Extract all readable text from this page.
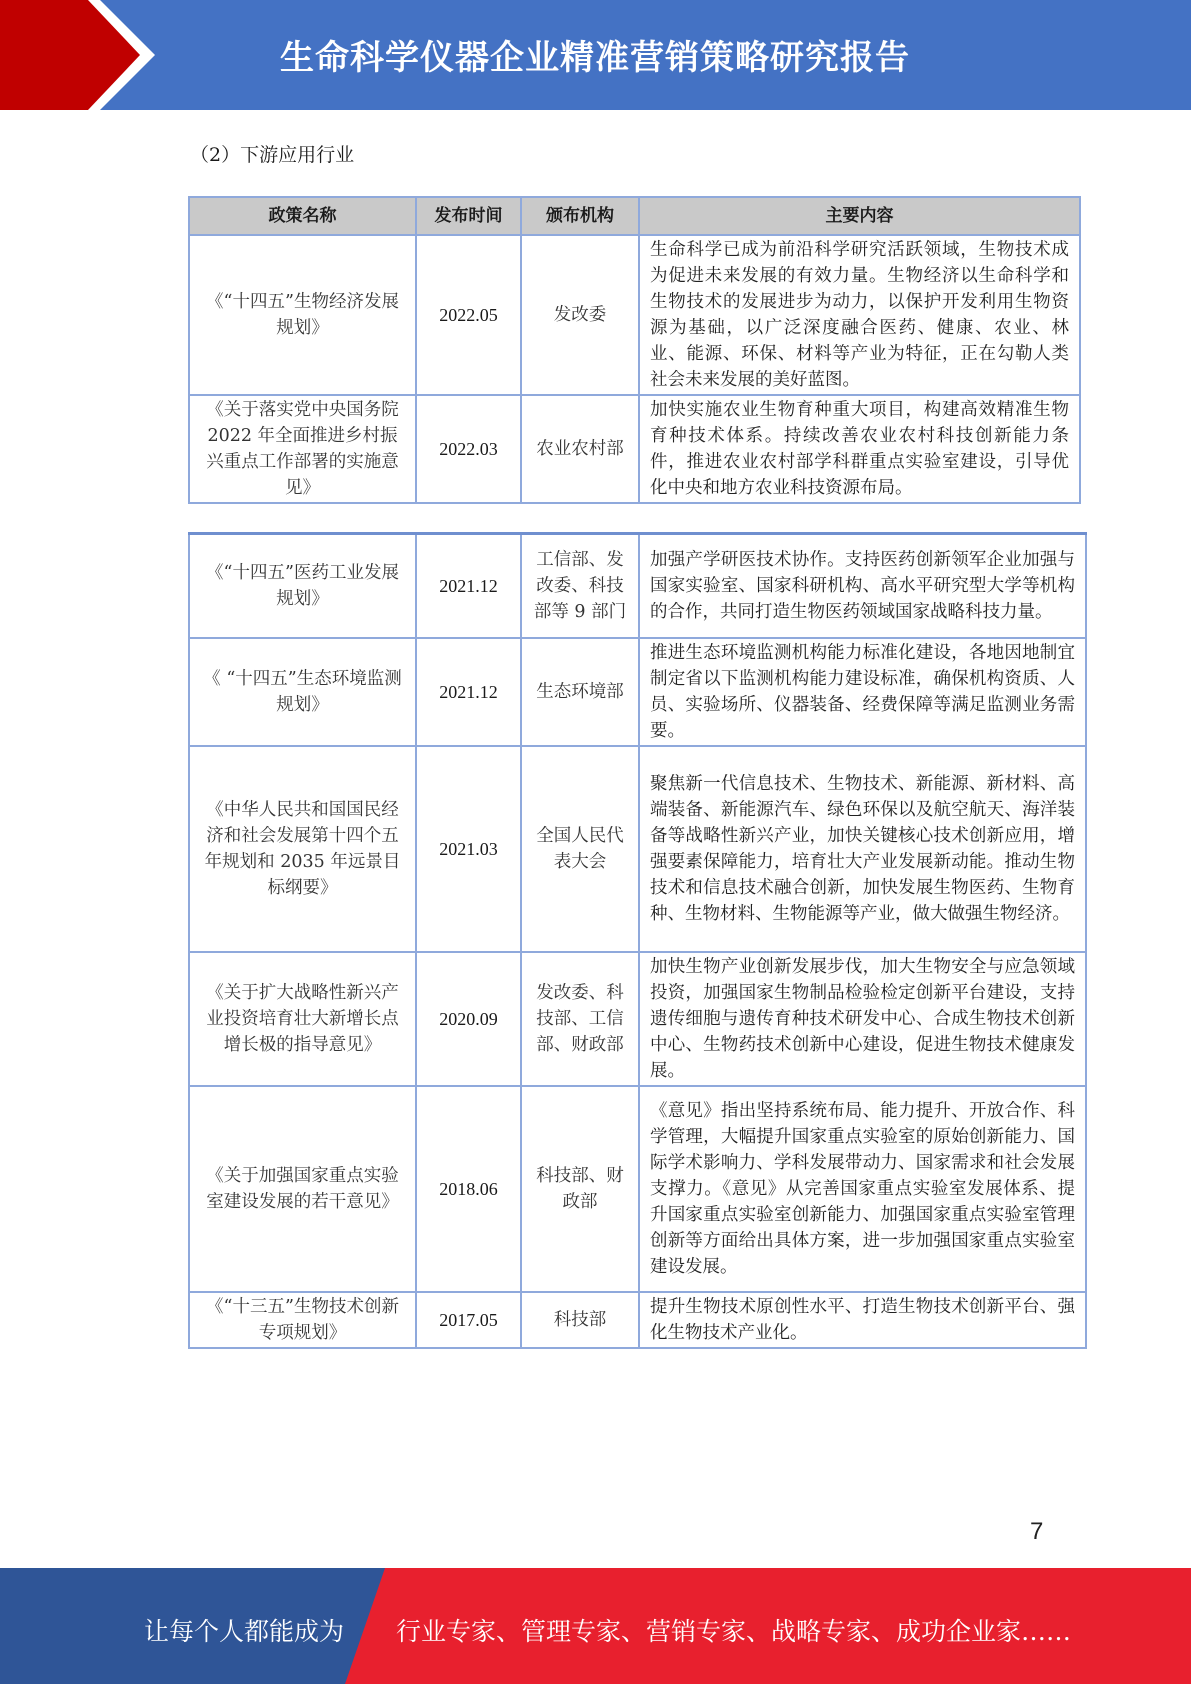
生命科学仪器企业精准营销策略研究报告
（2）下游应用行业
政策名称	发布时间	颁布机构	主要内容
《“十四五”生物经济发展规划》	2022.05	发改委	生命科学已成为前沿科学研究活跃领域，生物技术成为促进未来发展的有效力量。生物经济以生命科学和生物技术的发展进步为动力，以保护开发利用生物资源为基础，以广泛深度融合医药、健康、农业、林业、能源、环保、材料等产业为特征，正在勾勒人类社会未来发展的美好蓝图。
《关于落实党中央国务院 2022 年全面推进乡村振兴重点工作部署的实施意见》	2022.03	农业农村部	加快实施农业生物育种重大项目，构建高效精准生物育种技术体系。持续改善农业农村科技创新能力条件，推进农业农村部学科群重点实验室建设，引导优化中央和地方农业科技资源布局。
《“十四五”医药工业发展规划》	2021.12	工信部、发改委、科技部等 9 部门	加强产学研医技术协作。支持医药创新领军企业加强与国家实验室、国家科研机构、高水平研究型大学等机构的合作，共同打造生物医药领域国家战略科技力量。
《 “十四五”生态环境监测规划》	2021.12	生态环境部	推进生态环境监测机构能力标准化建设，各地因地制宜制定省以下监测机构能力建设标准，确保机构资质、人员、实验场所、仪器装备、经费保障等满足监测业务需要。
《中华人民共和国国民经济和社会发展第十四个五年规划和 2035 年远景目标纲要》	2021.03	全国人民代表大会	聚焦新一代信息技术、生物技术、新能源、新材料、高端装备、新能源汽车、绿色环保以及航空航天、海洋装备等战略性新兴产业，加快关键核心技术创新应用，增强要素保障能力，培育壮大产业发展新动能。推动生物技术和信息技术融合创新，加快发展生物医药、生物育种、生物材料、生物能源等产业，做大做强生物经济。
《关于扩大战略性新兴产业投资培育壮大新增长点增长极的指导意见》	2020.09	发改委、科技部、工信部、财政部	加快生物产业创新发展步伐，加大生物安全与应急领域投资，加强国家生物制品检验检定创新平台建设，支持遗传细胞与遗传育种技术研发中心、合成生物技术创新中心、生物药技术创新中心建设，促进生物技术健康发展。
《关于加强国家重点实验室建设发展的若干意见》	2018.06	科技部、财政部	《意见》指出坚持系统布局、能力提升、开放合作、科学管理，大幅提升国家重点实验室的原始创新能力、国际学术影响力、学科发展带动力、国家需求和社会发展支撑力。《意见》从完善国家重点实验室发展体系、提升国家重点实验室创新能力、加强国家重点实验室管理创新等方面给出具体方案，进一步加强国家重点实验室建设发展。
《“十三五”生物技术创新专项规划》	2017.05	科技部	提升生物技术原创性水平、打造生物技术创新平台、强化生物技术产业化。
7
让每个人都能成为 行业专家、管理专家、营销专家、战略专家、成功企业家……
